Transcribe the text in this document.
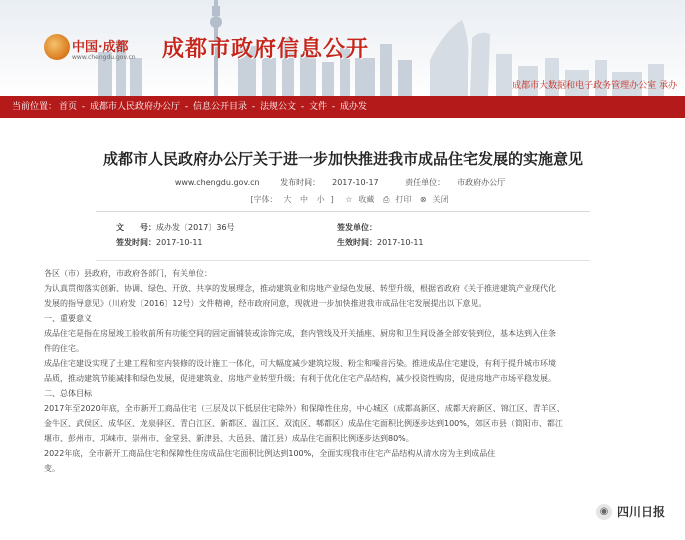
中国·成都
www.chengdu.gov.cn 成都市政府信息公开
成都市大数据和电子政务管理办公室 承办
当前位置： 首页 - 成都市人民政府办公厅 - 信息公开目录 - 法规公文 - 文件 - 成办发
成都市人民政府办公厅关于进一步加快推进我市成品住宅发展的实施意见
www.chengdu.gov.cn	发布时间： 2017-10-17	责任单位： 市政府办公厅
[字体： 大 中 小 ] ☆ 收藏 ⎙ 打印 ⊗ 关闭
文　　号：成办发〔2017〕36号	签发单位：
签发时间：2017-10-11	生效时间：2017-10-11

各区（市）县政府，市政府各部门，有关单位：

为认真贯彻落实创新、协调、绿色、开放、共享的发展理念，推动建筑业和房地产业绿色发展、转型升级，根据省政府《关于推进建筑产业现代化

发展的指导意见》（川府发〔2016〕12号）文件精神，经市政府同意，现就进一步加快推进我市成品住宅发展提出以下意见。

一、重要意义

成品住宅是指在房屋竣工验收前所有功能空间的固定面铺装或涂饰完成，套内管线及开关插座、厨房和卫生间设备全部安装到位，基本达到入住条

件的住宅。

成品住宅建设实现了土建工程和室内装修的设计施工一体化，可大幅度减少建筑垃圾、粉尘和噪音污染。推进成品住宅建设，有利于提升城市环境

品质，推动建筑节能减排和绿色发展，促进建筑业、房地产业转型升级；有利于优化住宅产品结构，减少投资性购房，促进房地产市场平稳发展。

二、总体目标

2017年至2020年底，全市新开工商品住宅（三层及以下低层住宅除外）和保障性住房，中心城区（成都高新区、成都天府新区、锦江区、青羊区、

金牛区、武侯区、成华区、龙泉驿区、青白江区、新都区、温江区、双流区、郫都区）成品住宅面积比例逐步达到100%，郊区市县（简阳市、都江

堰市、彭州市、邛崃市、崇州市、金堂县、新津县、大邑县、蒲江县）成品住宅面积比例逐步达到80%。

2022年底，全市新开工商品住宅和保障性住房成品住宅面积比例达到100%，全面实现我市住宅产品结构从清水房为主到成品住

变。

◉ 四川日报
